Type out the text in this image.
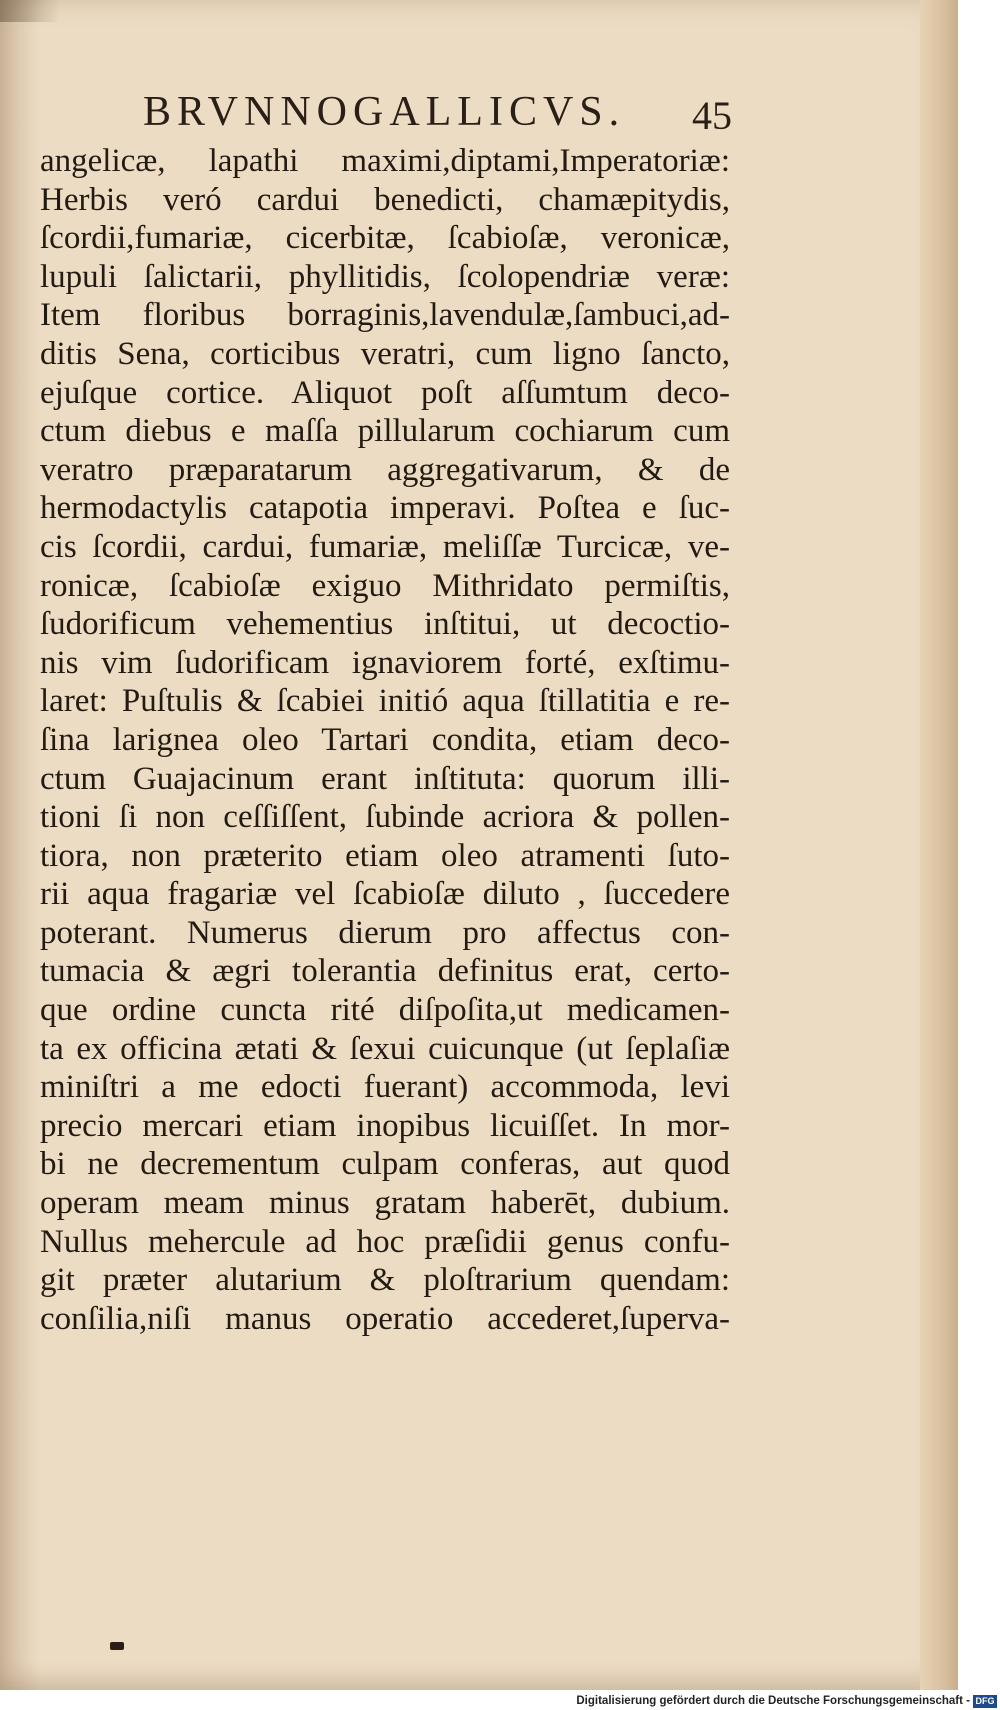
BRVNNOGALLICVS.	45
angelicæ, lapathi maximi,diptami,Imperatoriæ:
Herbis veró cardui benedicti, chamæpitydis,
ſcordii,fumariæ, cicerbitæ, ſcabioſæ, veronicæ,
lupuli ſalictarii, phyllitidis, ſcolopendriæ veræ:
Item floribus borraginis,lavendulæ,ſambuci,ad-
ditis Sena, corticibus veratri, cum ligno ſancto,
ejuſque cortice. Aliquot poſt aſſumtum deco-
ctum diebus e maſſa pillularum cochiarum cum
veratro præparatarum aggregativarum, & de
hermodactylis catapotia imperavi. Poſtea e ſuc-
cis ſcordii, cardui, fumariæ, meliſſæ Turcicæ, ve-
ronicæ, ſcabioſæ exiguo Mithridato permiſtis,
ſudorificum vehementius inſtitui, ut decoctio-
nis vim ſudorificam ignaviorem forté, exſtimu-
laret: Puſtulis & ſcabiei initió aqua ſtillatitia e re-
ſina larignea oleo Tartari condita, etiam deco-
ctum Guajacinum erant inſtituta: quorum illi-
tioni ſi non ceſſiſſent, ſubinde acriora & pollen-
tiora, non præterito etiam oleo atramenti ſuto-
rii aqua fragariæ vel ſcabioſæ diluto , ſuccedere
poterant. Numerus dierum pro affectus con-
tumacia & ægri tolerantia definitus erat, certo-
que ordine cuncta rité diſpoſita,ut medicamen-
ta ex officina ætati & ſexui cuicunque (ut ſeplaſiæ
miniſtri a me edocti fuerant) accommoda, levi
precio mercari etiam inopibus licuiſſet. In mor-
bi ne decrementum culpam conferas, aut quod
operam meam minus gratam haberēt, dubium.
Nullus mehercule ad hoc præſidii genus confu-
git præter alutarium & ploſtrarium quendam:
conſilia,niſi manus operatio accederet,ſuperva-
Digitalisierung gefördert durch die Deutsche Forschungsgemeinschaft - DFG
